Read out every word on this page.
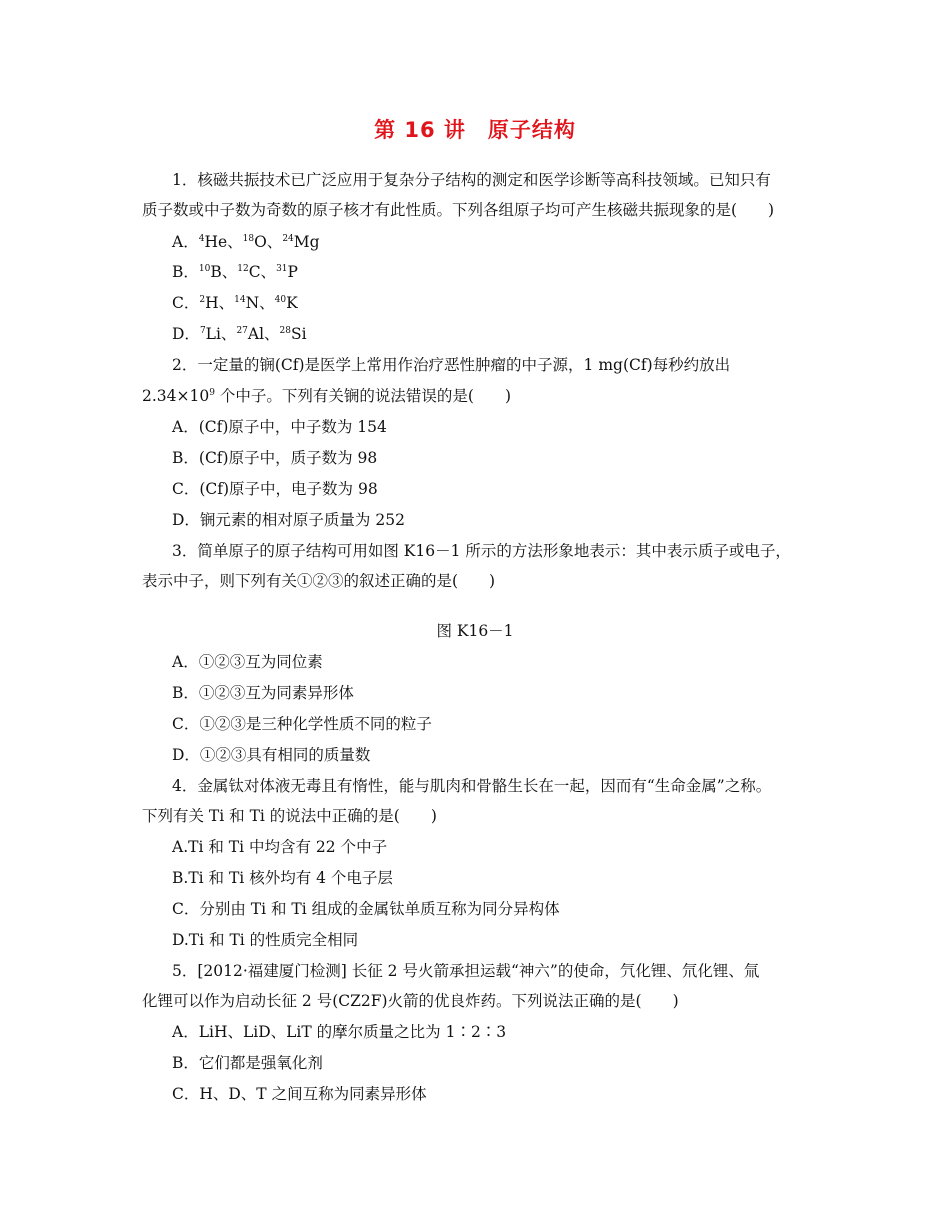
第 16 讲　原子结构
1．核磁共振技术已广泛应用于复杂分子结构的测定和医学诊断等高科技领域。已知只有
质子数或中子数为奇数的原子核才有此性质。下列各组原子均可产生核磁共振现象的是(　　)
A．$^4$He、$^{18}$O、$^{24}$Mg
B．$^{10}$B、$^{12}$C、$^{31}$P
C．$^2$H、$^{14}$N、$^{40}$K
D．$^7$Li、$^{27}$Al、$^{28}$Si
2．一定量的锎(Cf)是医学上常用作治疗恶性肿瘤的中子源，1 mg(Cf)每秒约放出
$2.34\times 10^9$ 个中子。下列有关锎的说法错误的是(　　)
A．(Cf)原子中，中子数为 154
B．(Cf)原子中，质子数为 98
C．(Cf)原子中，电子数为 98
D．锎元素的相对原子质量为 252
3．简单原子的原子结构可用如图 K16－1 所示的方法形象地表示：其中表示质子或电子，
表示中子，则下列有关①②③的叙述正确的是(　　)
图 K16－1
A．①②③互为同位素
B．①②③互为同素异形体
C．①②③是三种化学性质不同的粒子
D．①②③具有相同的质量数
4．金属钛对体液无毒且有惰性，能与肌肉和骨骼生长在一起，因而有“生命金属”之称。
下列有关 Ti 和 Ti 的说法中正确的是(　　)
A.Ti 和 Ti 中均含有 22 个中子
B.Ti 和 Ti 核外均有 4 个电子层
C．分别由 Ti 和 Ti 组成的金属钛单质互称为同分异构体
D.Ti 和 Ti 的性质完全相同
5．[2012·福建厦门检测] 长征 2 号火箭承担运载“神六”的使命，氕化锂、氘化锂、氚
化锂可以作为启动长征 2 号(CZ2F)火箭的优良炸药。下列说法正确的是(　　)
A．LiH、LiD、LiT 的摩尔质量之比为 1∶2∶3
B．它们都是强氧化剂
C．H、D、T 之间互称为同素异形体
